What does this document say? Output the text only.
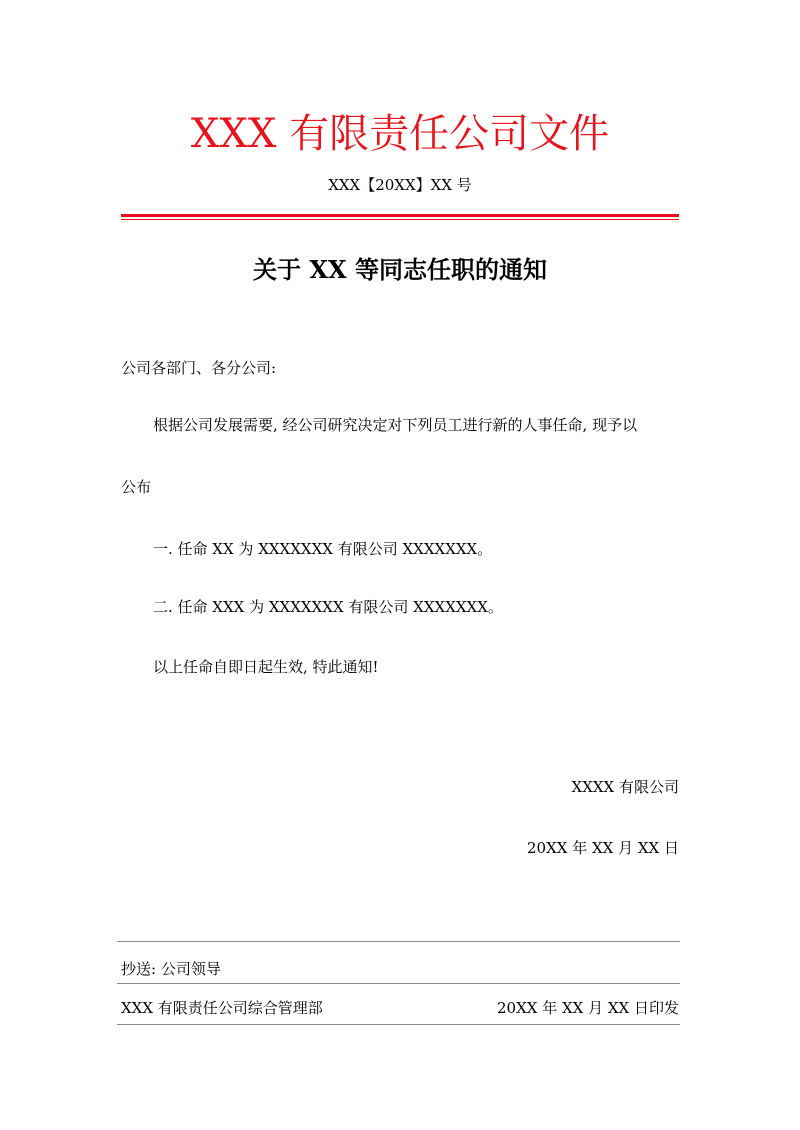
XXX 有限责任公司文件
XXX【20XX】XX 号
关于 XX 等同志任职的通知
公司各部门、各分公司:
根据公司发展需要, 经公司研究决定对下列员工进行新的人事任命, 现予以
公布
一. 任命 XX 为 XXXXXXX 有限公司 XXXXXXX。
二. 任命 XXX 为 XXXXXXX 有限公司 XXXXXXX。
以上任命自即日起生效, 特此通知!
XXXX 有限公司
20XX 年 XX 月 XX 日
抄送: 公司领导
XXX 有限责任公司综合管理部	20XX 年 XX 月 XX 日印发
